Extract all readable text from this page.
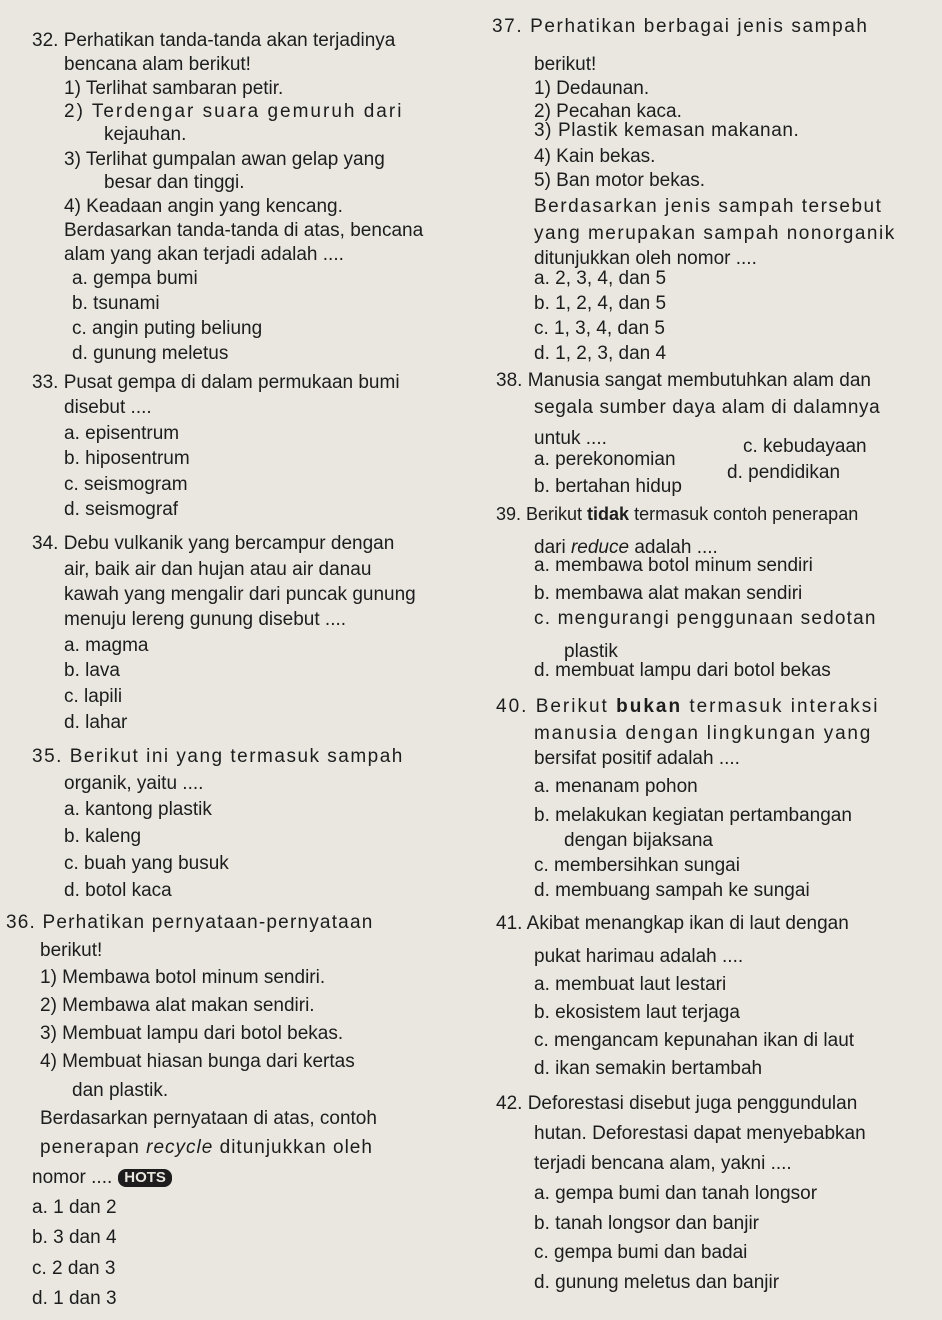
32. Perhatikan tanda-tanda akan terjadinya
bencana alam berikut!
1) Terlihat sambaran petir.
2) Terdengar suara gemuruh dari
kejauhan.
3) Terlihat gumpalan awan gelap yang
besar dan tinggi.
4) Keadaan angin yang kencang.
Berdasarkan tanda-tanda di atas, bencana
alam yang akan terjadi adalah ....
a. gempa bumi
b. tsunami
c. angin puting beliung
d. gunung meletus
33. Pusat gempa di dalam permukaan bumi
disebut ....
a. episentrum
b. hiposentrum
c. seismogram
d. seismograf
34. Debu vulkanik yang bercampur dengan
air, baik air dan hujan atau air danau
kawah yang mengalir dari puncak gunung
menuju lereng gunung disebut ....
a. magma
b. lava
c. lapili
d. lahar
35. Berikut ini yang termasuk sampah
organik, yaitu ....
a. kantong plastik
b. kaleng
c. buah yang busuk
d. botol kaca
36. Perhatikan pernyataan-pernyataan
berikut!
1) Membawa botol minum sendiri.
2) Membawa alat makan sendiri.
3) Membuat lampu dari botol bekas.
4) Membuat hiasan bunga dari kertas
dan plastik.
Berdasarkan pernyataan di atas, contoh
penerapan recycle ditunjukkan oleh
nomor .... HOTS
a. 1 dan 2
b. 3 dan 4
c. 2 dan 3
d. 1 dan 3
37. Perhatikan berbagai jenis sampah
berikut!
1) Dedaunan.
2) Pecahan kaca.
3) Plastik kemasan makanan.
4) Kain bekas.
5) Ban motor bekas.
Berdasarkan jenis sampah tersebut
yang merupakan sampah nonorganik
ditunjukkan oleh nomor ....
a. 2, 3, 4, dan 5
b. 1, 2, 4, dan 5
c. 1, 3, 4, dan 5
d. 1, 2, 3, dan 4
38. Manusia sangat membutuhkan alam dan
segala sumber daya alam di dalamnya
untuk ....
a. perekonomian
c. kebudayaan
b. bertahan hidup
d. pendidikan
39. Berikut tidak termasuk contoh penerapan
dari reduce adalah ....
a. membawa botol minum sendiri
b. membawa alat makan sendiri
c. mengurangi penggunaan sedotan
plastik
d. membuat lampu dari botol bekas
40. Berikut bukan termasuk interaksi
manusia dengan lingkungan yang
bersifat positif adalah ....
a. menanam pohon
b. melakukan kegiatan pertambangan
dengan bijaksana
c. membersihkan sungai
d. membuang sampah ke sungai
41. Akibat menangkap ikan di laut dengan
pukat harimau adalah ....
a. membuat laut lestari
b. ekosistem laut terjaga
c. mengancam kepunahan ikan di laut
d. ikan semakin bertambah
42. Deforestasi disebut juga penggundulan
hutan. Deforestasi dapat menyebabkan
terjadi bencana alam, yakni ....
a. gempa bumi dan tanah longsor
b. tanah longsor dan banjir
c. gempa bumi dan badai
d. gunung meletus dan banjir
